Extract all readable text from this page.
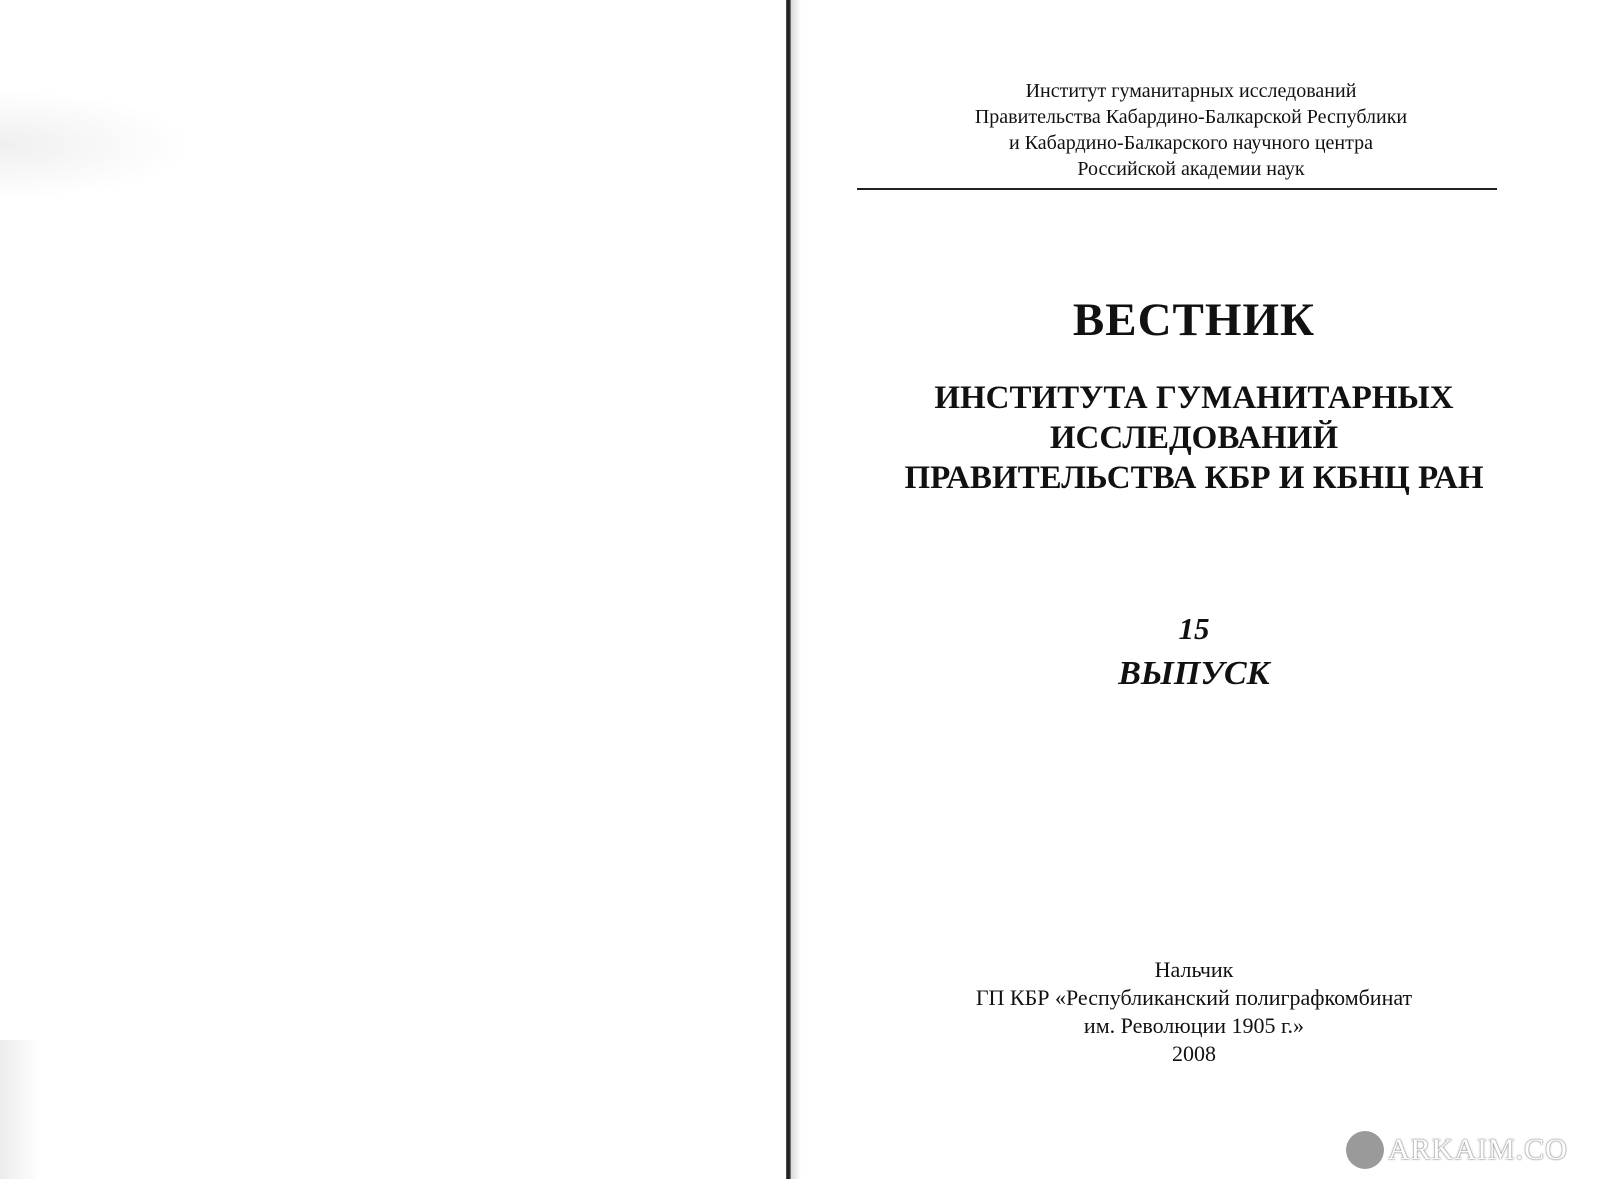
Институт гуманитарных исследований
Правительства Кабардино-Балкарской Республики
и Кабардино-Балкарского научного центра
Российской академии наук
ВЕСТНИК
ИНСТИТУТА ГУМАНИТАРНЫХ
ИССЛЕДОВАНИЙ
ПРАВИТЕЛЬСТВА КБР И КБНЦ РАН
15
ВЫПУСК
Нальчик
ГП КБР «Республиканский полиграфкомбинат
им. Революции 1905 г.»
2008
ARKAIM.CO
